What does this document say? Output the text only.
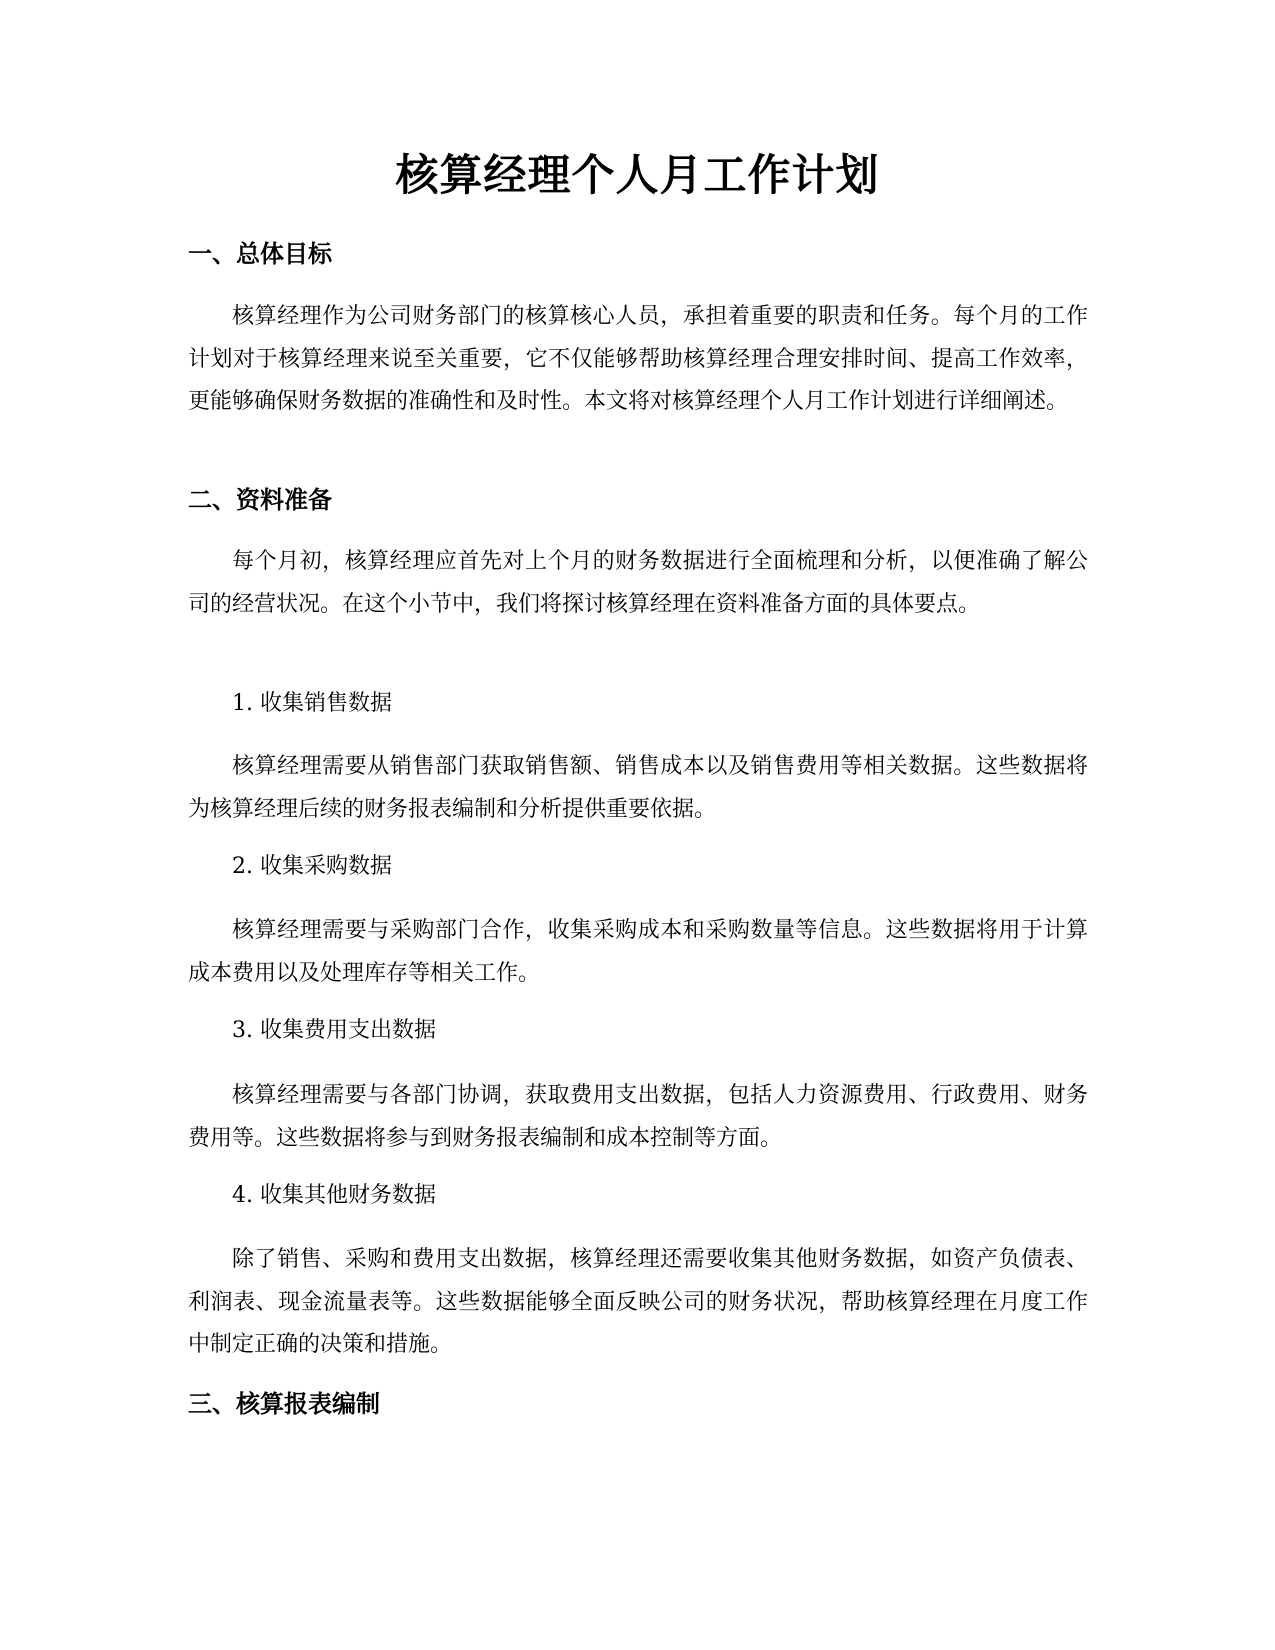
核算经理个人月工作计划
一、总体目标

核算经理作为公司财务部门的核算核心人员，承担着重要的职责和任务。每个月的工作计划对于核算经理来说至关重要，它不仅能够帮助核算经理合理安排时间、提高工作效率，更能够确保财务数据的准确性和及时性。本文将对核算经理个人月工作计划进行详细阐述。

二、资料准备

每个月初，核算经理应首先对上个月的财务数据进行全面梳理和分析，以便准确了解公司的经营状况。在这个小节中，我们将探讨核算经理在资料准备方面的具体要点。

1. 收集销售数据

核算经理需要从销售部门获取销售额、销售成本以及销售费用等相关数据。这些数据将为核算经理后续的财务报表编制和分析提供重要依据。

2. 收集采购数据

核算经理需要与采购部门合作，收集采购成本和采购数量等信息。这些数据将用于计算成本费用以及处理库存等相关工作。

3. 收集费用支出数据

核算经理需要与各部门协调，获取费用支出数据，包括人力资源费用、行政费用、财务费用等。这些数据将参与到财务报表编制和成本控制等方面。

4. 收集其他财务数据

除了销售、采购和费用支出数据，核算经理还需要收集其他财务数据，如资产负债表、利润表、现金流量表等。这些数据能够全面反映公司的财务状况，帮助核算经理在月度工作中制定正确的决策和措施。

三、核算报表编制
